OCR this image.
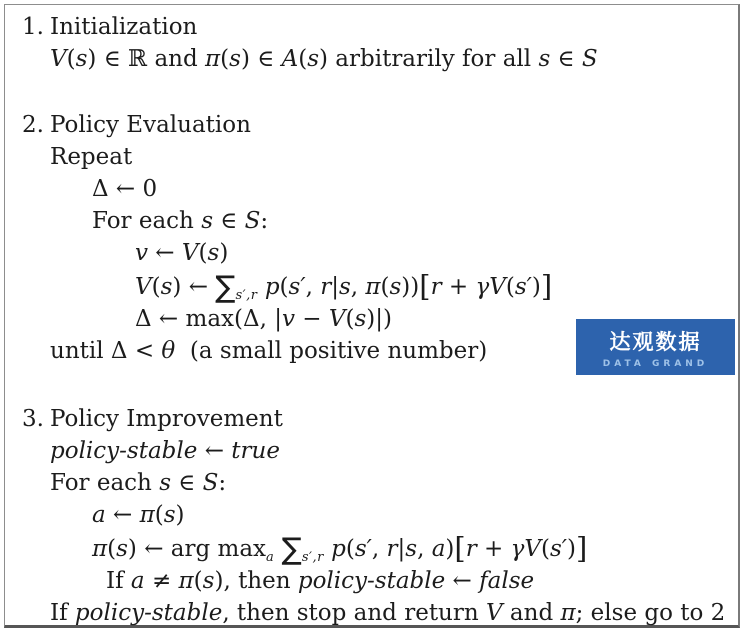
1. Initialization
V(s) ∈ ℝ and π(s) ∈ A(s) arbitrarily for all s ∈ S
2. Policy Evaluation
Repeat
Δ ← 0
For each s ∈ S:
v ← V(s)
V(s) ← $\sum_{s',r}$ p(s′, r|s, π(s))[r + γV(s′)]
Δ ← max(Δ, |v − V(s)|)
until Δ < θ  (a small positive number)
3. Policy Improvement
policy-stable ← true
For each s ∈ S:
a ← π(s)
π(s) ← arg $\max_a \sum_{s',r}$ p(s′, r|s, a)[r + γV(s′)]
If a ≠ π(s), then policy-stable ← false
If policy-stable, then stop and return V and π; else go to 2
达观数据
DATA GRAND
